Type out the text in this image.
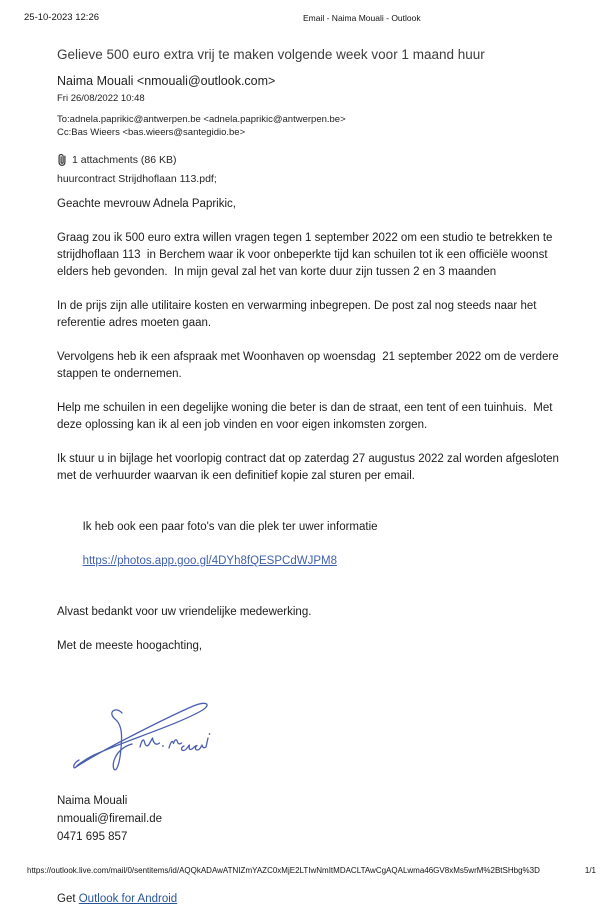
25-10-2023 12:26	Email - Naima Mouali - Outlook
Gelieve 500 euro extra vrij te maken volgende week voor 1 maand huur
Naima Mouali <nmouali@outlook.com>
Fri 26/08/2022 10:48
To:adnela.paprikic@antwerpen.be <adnela.paprikic@antwerpen.be>
Cc:Bas Wieers <bas.wieers@santegidio.be>
1 attachments (86 KB)
huurcontract Strijdhoflaan 113.pdf;

Geachte mevrouw Adnela Paprikic,

Graag zou ik 500 euro extra willen vragen tegen 1 september 2022 om een studio te betrekken te strijdhoflaan 113  in Berchem waar ik voor onbeperkte tijd kan schuilen tot ik een officiële woonst elders heb gevonden.  In mijn geval zal het van korte duur zijn tussen 2 en 3 maanden

In de prijs zijn alle utilitaire kosten en verwarming inbegrepen. De post zal nog steeds naar het referentie adres moeten gaan.

Vervolgens heb ik een afspraak met Woonhaven op woensdag  21 september 2022 om de verdere stappen te ondernemen.

Help me schuilen in een degelijke woning die beter is dan de straat, een tent of een tuinhuis.  Met deze oplossing kan ik al een job vinden en voor eigen inkomsten zorgen.

Ik stuur u in bijlage het voorlopig contract dat op zaterdag 27 augustus 2022 zal worden afgesloten met de verhuurder waarvan ik een definitief kopie zal sturen per email.

Ik heb ook een paar foto's van die plek ter uwer informatie

https://photos.app.goo.gl/4DYh8fQESPCdWJPM8

Alvast bedankt voor uw vriendelijke medewerking.

Met de meeste hoogachting,

Naima Mouali
nmouali@firemail.de
0471 695 857
Get Outlook for Android
https://outlook.live.com/mail/0/sentitems/id/AQQkADAwATNIZmYAZC0xMjE2LTIwNmItMDACLTAwCgAQALwma46GV8xMs5wrM%2BtSHbg%3D	1/1
